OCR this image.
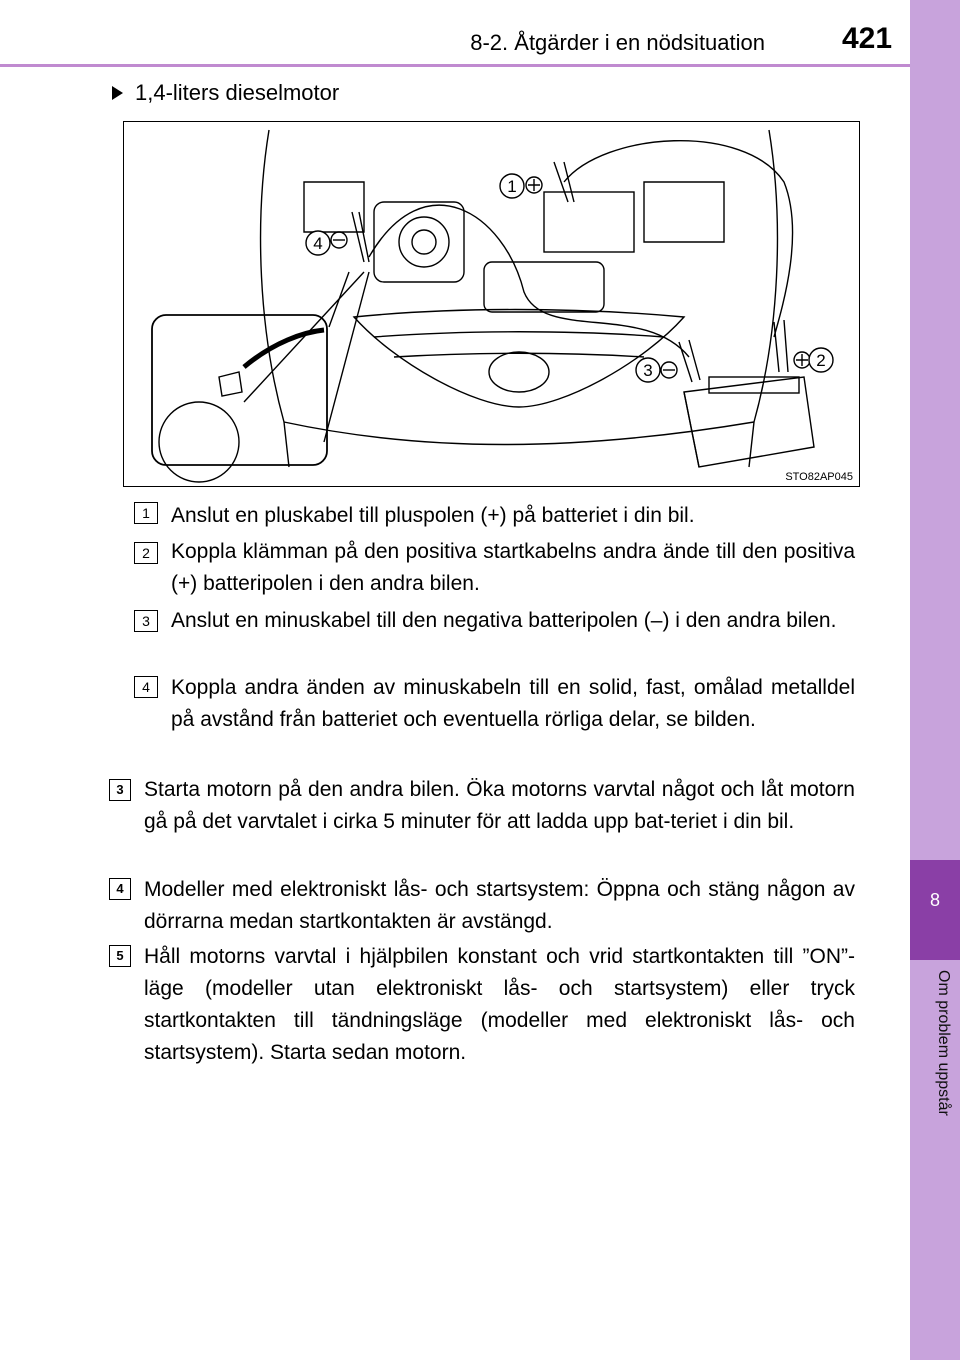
8-2. Åtgärder i en nödsituation	421
Om problem uppstår
8
1,4-liters dieselmotor
1
2
3
4
STO82AP045
1	Anslut en pluskabel till pluspolen (+) på batteriet i din bil.
2	Koppla klämman på den positiva startkabelns andra ände till den positiva (+) batteripolen i den andra bilen.
3	Anslut en minuskabel till den negativa batteripolen (–) i den andra bilen.
4	Koppla andra änden av minuskabeln till en solid, fast, omålad metalldel på avstånd från batteriet och eventuella rörliga delar, se bilden.
3 Starta motorn på den andra bilen. Öka motorns varvtal något och låt motorn gå på det varvtalet i cirka 5 minuter för att ladda upp bat-teriet i din bil.
4 Modeller med elektroniskt lås- och startsystem: Öppna och stäng någon av dörrarna medan startkontakten är avstängd.
5 Håll motorns varvtal i hjälpbilen konstant och vrid startkontakten till ”ON”-läge (modeller utan elektroniskt lås- och startsystem) eller tryck startkontakten till tändningsläge (modeller med elektroniskt lås- och startsystem). Starta sedan motorn.
